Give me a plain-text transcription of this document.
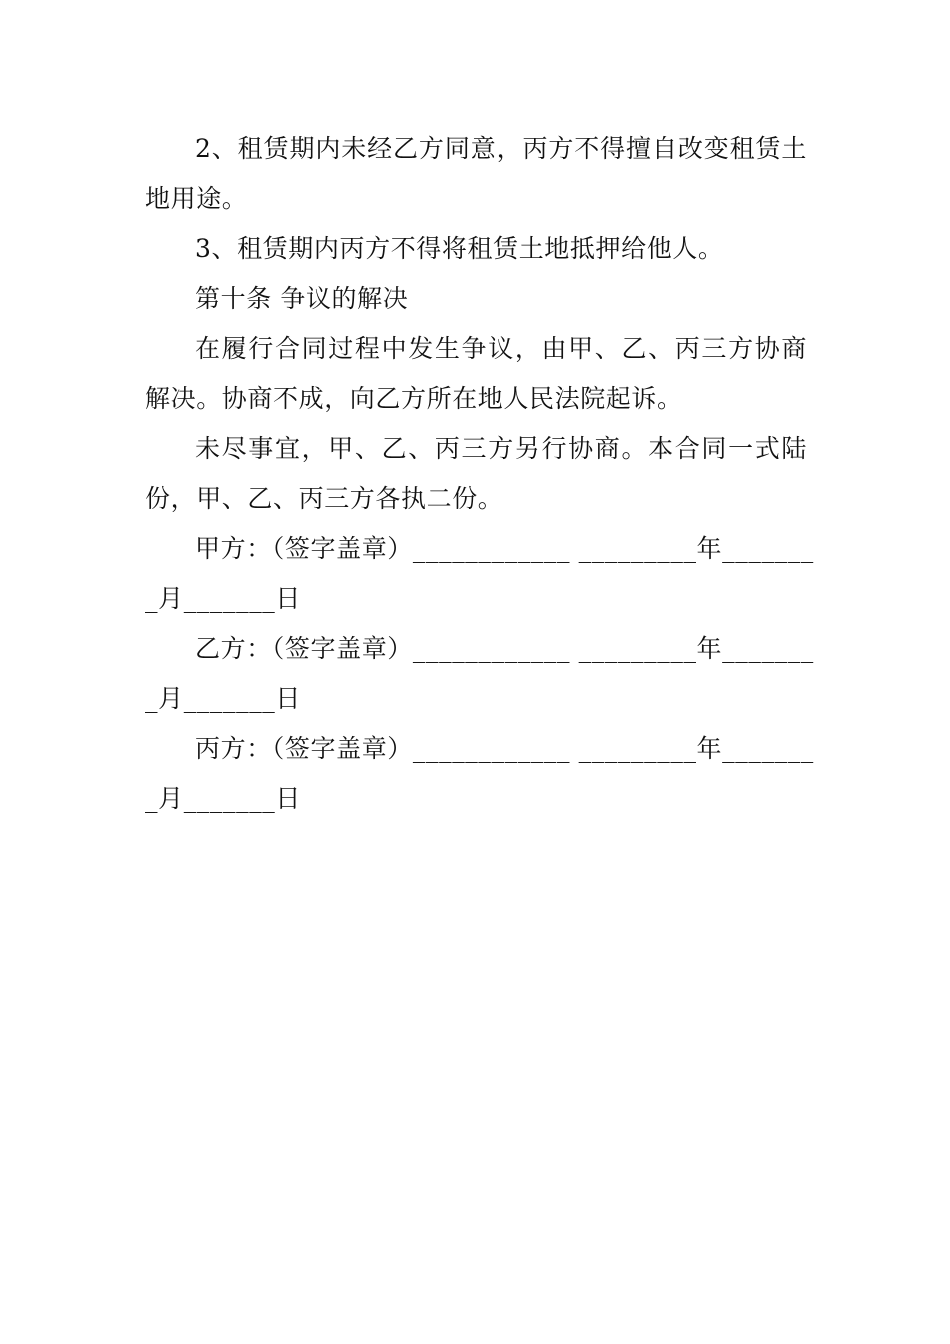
2、租赁期内未经乙方同意，丙方不得擅自改变租赁土地用途。

3、租赁期内丙方不得将租赁土地抵押给他人。

第十条 争议的解决

在履行合同过程中发生争议，由甲、乙、丙三方协商解决。协商不成，向乙方所在地人民法院起诉。

未尽事宜，甲、乙、丙三方另行协商。本合同一式陆份，甲、乙、丙三方各执二份。

甲方：（签字盖章）____________ _________年_______
_月_______日
乙方：（签字盖章）____________ _________年_______
_月_______日
丙方：（签字盖章）____________ _________年_______
_月_______日
